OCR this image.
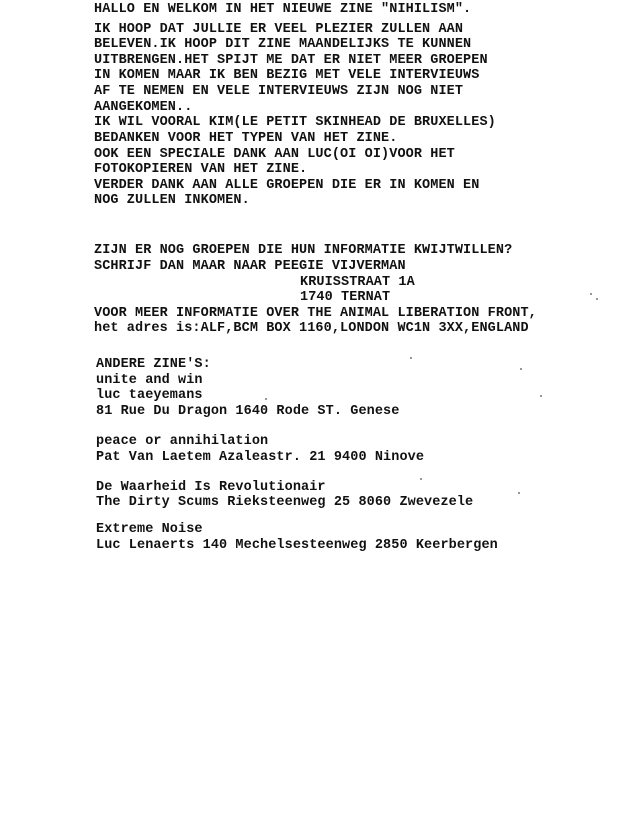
HALLO EN WELKOM IN HET NIEUWE ZINE "NIHILISM".
IK HOOP DAT JULLIE ER VEEL PLEZIER ZULLEN AAN
BELEVEN.IK HOOP DIT ZINE MAANDELIJKS TE KUNNEN
UITBRENGEN.HET SPIJT ME DAT ER NIET MEER GROEPEN
IN KOMEN MAAR IK BEN BEZIG MET VELE INTERVIEUWS
AF TE NEMEN EN VELE INTERVIEUWS ZIJN NOG NIET
AANGEKOMEN..
IK WIL VOORAL KIM(LE PETIT SKINHEAD DE BRUXELLES)
BEDANKEN VOOR HET TYPEN VAN HET ZINE.
OOK EEN SPECIALE DANK AAN LUC(OI OI)VOOR HET
FOTOKOPIEREN VAN HET ZINE.
VERDER DANK AAN ALLE GROEPEN DIE ER IN KOMEN EN
NOG ZULLEN INKOMEN.
ZIJN ER NOG GROEPEN DIE HUN INFORMATIE KWIJTWILLEN?
SCHRIJF DAN MAAR NAAR PEEGIE VIJVERMAN
KRUISSTRAAT 1A
1740 TERNAT
VOOR MEER INFORMATIE OVER THE ANIMAL LIBERATION FRONT,
het adres is:ALF,BCM BOX 1160,LONDON WC1N 3XX,ENGLAND
ANDERE ZINE'S:
unite and win
luc taeyemans
81 Rue Du Dragon 1640 Rode ST. Genese
peace or annihilation
Pat Van Laetem Azaleastr. 21 9400 Ninove
De Waarheid Is Revolutionair
The Dirty Scums Rieksteenweg 25 8060 Zwevezele
Extreme Noise
Luc Lenaerts 140 Mechelsesteenweg 2850 Keerbergen
